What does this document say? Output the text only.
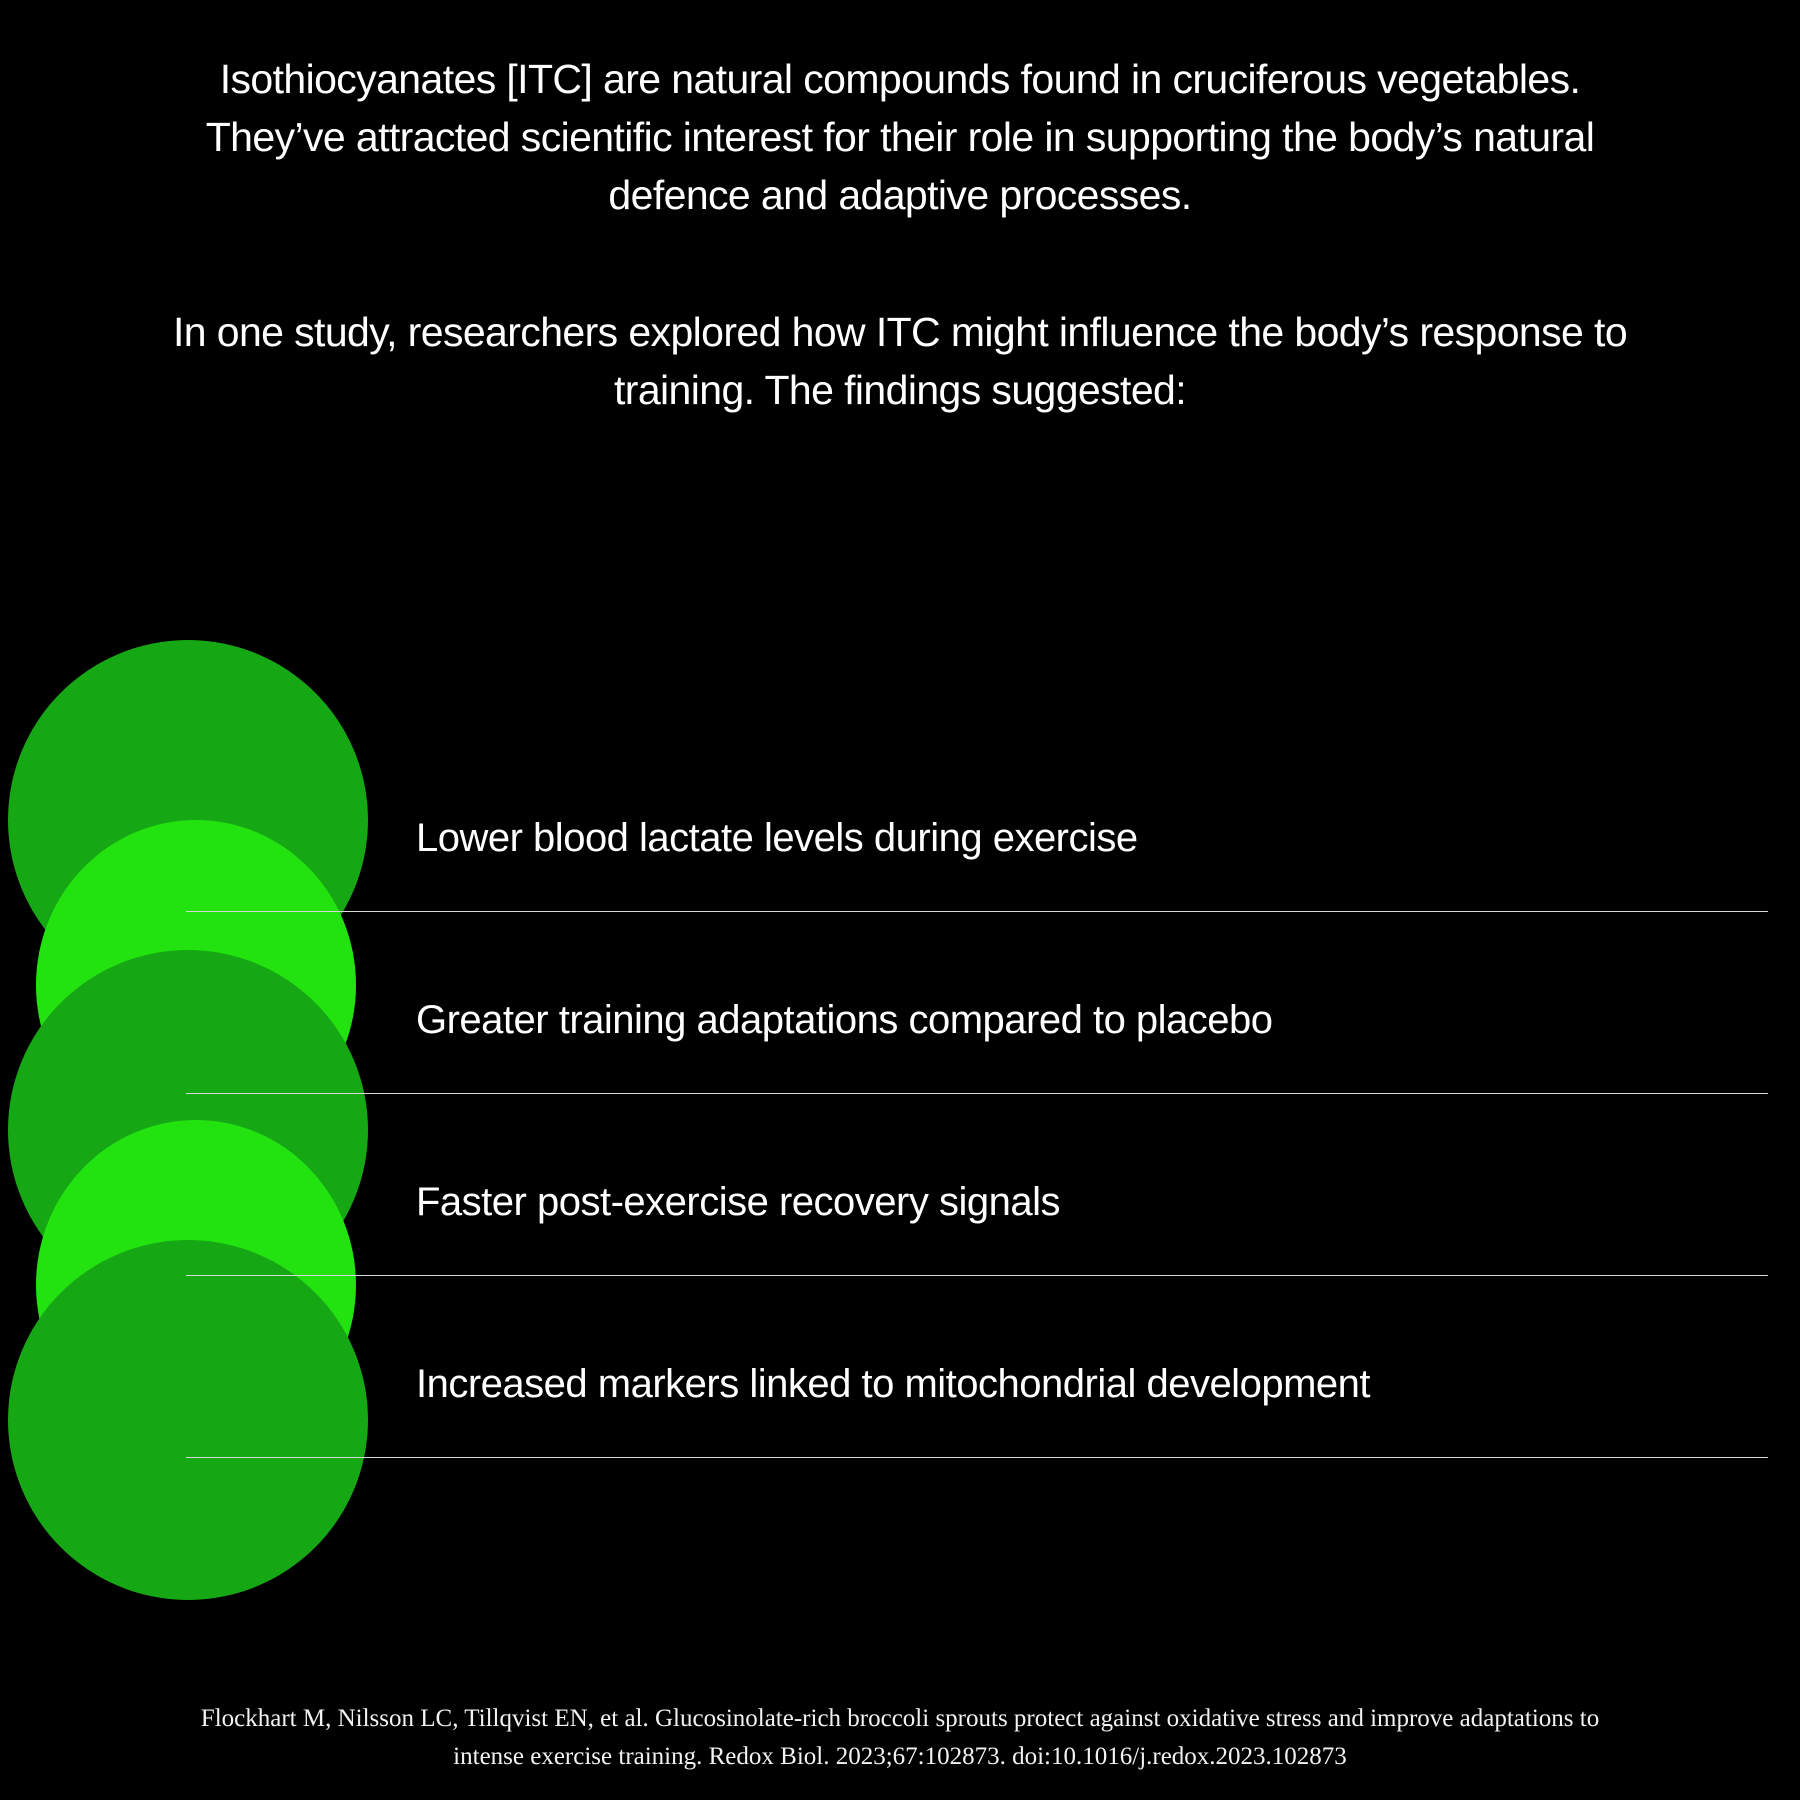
Isothiocyanates [ITC] are natural compounds found in cruciferous vegetables. They’ve attracted scientific interest for their role in supporting the body’s natural defence and adaptive processes.

In one study, researchers explored how ITC might influence the body’s response to training. The findings suggested:

Lower blood lactate levels during exercise
Greater training adaptations compared to placebo
Faster post-exercise recovery signals
Increased markers linked to mitochondrial development
Flockhart M, Nilsson LC, Tillqvist EN, et al. Glucosinolate-rich broccoli sprouts protect against oxidative stress and improve adaptations to intense exercise training. Redox Biol. 2023;67:102873. doi:10.1016/j.redox.2023.102873
